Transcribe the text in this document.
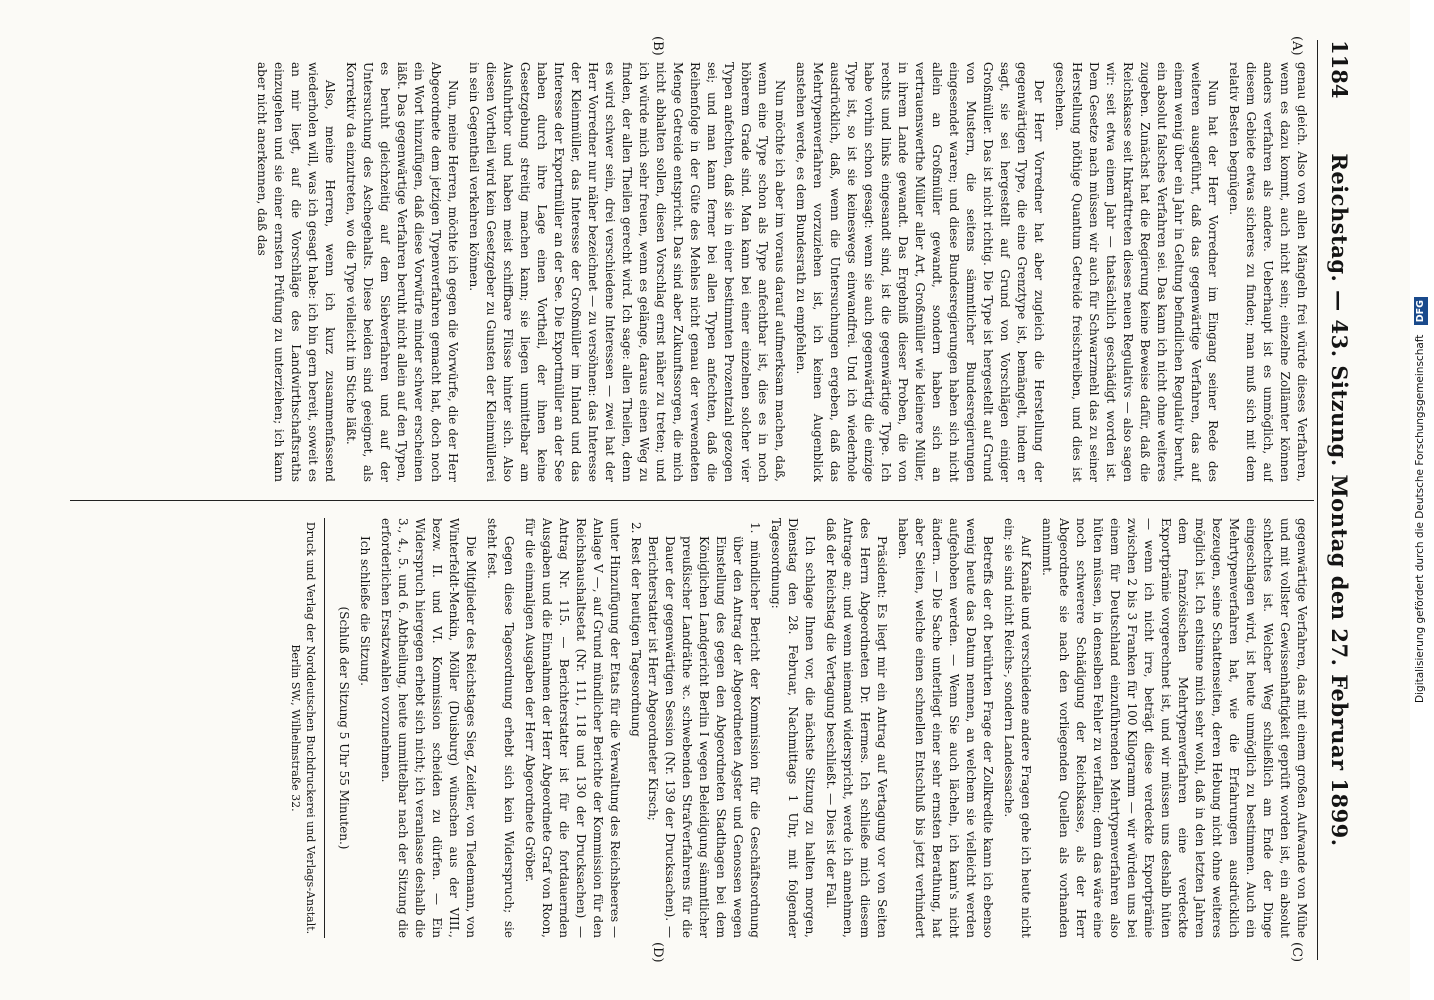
1184
Reichstag. — 43. Sitzung. Montag den 27. Februar 1899.
(A)
(B)
(C)
(D)

genau gleich. Also von allen Mängeln frei würde dieses Verfahren, wenn es dazu kommt, auch nicht sein; einzelne Zollämter können anders verfahren als andere. Ueberhaupt ist es unmöglich, auf diesem Gebiete etwas sicheres zu finden; man muß sich mit dem relativ Besten begnügen.

Nun hat der Herr Vorredner im Eingang seiner Rede des weiteren ausgeführt, daß das gegenwärtige Verfahren, das auf einem wenig über ein Jahr in Geltung befindlichen Regulativ beruht, ein absolut falsches Verfahren sei. Das kann ich nicht ohne weiteres zugeben. Zunächst hat die Regierung keine Beweise dafür, daß die Reichskasse seit Inkrafttreten dieses neuen Regulativs — also sagen wir: seit etwa einem Jahr — thatsächlich geschädigt worden ist. Dem Gesetze nach müssen wir auch für Schwarzmehl das zu seiner Herstellung nöthige Quantum Getreide freischreiben, und dies ist geschehen.

Der Herr Vorredner hat aber zugleich die Herstellung der gegenwärtigen Type, die eine Grenztype ist, bemängelt, indem er sagt, sie sei hergestellt auf Grund von Vorschlägen einiger Großmüller. Das ist nicht richtig. Die Type ist hergestellt auf Grund von Mustern, die seitens sämmtlicher Bundesregierungen eingesendet waren; und diese Bundesregierungen haben sich nicht allein an Großmüller gewandt, sondern haben sich an vertrauenswerthe Müller aller Art, Großmüller wie kleinere Müller, in ihrem Lande gewandt. Das Ergebniß dieser Proben, die von rechts und links eingesandt sind, ist die gegenwärtige Type. Ich habe vorhin schon gesagt: wenn sie auch gegenwärtig die einzige Type ist, so ist sie keineswegs einwandfrei. Und ich wiederhole ausdrücklich, daß, wenn die Untersuchungen ergeben, daß das Mehrtypenverfahren vorzuziehen ist, ich keinen Augenblick anstehen werde, es dem Bundesrath zu empfehlen.

Nun möchte ich aber im voraus darauf aufmerksam machen, daß, wenn eine Type schon als Type anfechtbar ist, dies es in noch höherem Grade sind. Man kann bei einer einzelnen solcher vier Typen anfechten, daß sie in einer bestimmten Prozentzahl gezogen sei; und man kann ferner bei allen Typen anfechten, daß die Reihenfolge in der Güte des Mehles nicht genau der verwendeten Menge Getreide entspricht. Das sind aber Zukunftssorgen, die mich nicht abhalten sollen, diesen Vorschlag ernst näher zu treten; und ich würde mich sehr freuen, wenn es gelänge, daraus einen Weg zu finden, der allen Theilen gerecht wird. Ich sage: allen Theilen, denn es wird schwer sein, drei verschiedene Interessen — zwei hat der Herr Vorredner nur näher bezeichnet — zu versöhnen: das Interesse der Kleinmüller, das Interesse der Großmüller im Inland und das Interesse der Exportmüller an der See. Die Exportmüller an der See haben durch ihre Lage einen Vortheil, der ihnen keine Gesetzgebung streitig machen kann; sie liegen unmittelbar am Ausfuhrthor und haben meist schiffbare Flüsse hinter sich. Also diesen Vortheil wird kein Gesetzgeber zu Gunsten der Kleinmüllerei in sein Gegentheil verkehren können.

Nun, meine Herren, möchte ich gegen die Vorwürfe, die der Herr Abgeordnete dem jetzigen Typenverfahren gemacht hat, doch noch ein Wort hinzufügen, daß diese Vorwürfe minder schwer erscheinen läßt. Das gegenwärtige Verfahren beruht nicht allein auf den Typen, es beruht gleichzeitig auf dem Siebverfahren und auf der Untersuchung des Aschegehalts. Diese beiden sind geeignet, als Korrektiv da einzutreten, wo die Type vielleicht im Stiche läßt.

Also, meine Herren, wenn ich kurz zusammenfassend wiederholen will, was ich gesagt habe: ich bin gern bereit, soweit es an mir liegt, auf die Vorschläge des Landwirthschaftsraths einzugehen und sie einer ernsten Prüfung zu unterziehen; ich kann aber nicht anerkennen, daß das

gegenwärtige Verfahren, das mit einem großen Aufwande von Mühe und mit vollster Gewissenhaftigkeit geprüft worden ist, ein absolut schlechtes ist. Welcher Weg schließlich am Ende der Dinge eingeschlagen wird, ist heute unmöglich zu bestimmen. Auch ein Mehrtypenverfahren hat, wie die Erfahrungen ausdrücklich bezeugen, seine Schattenseiten, deren Hebung nicht ohne weiteres möglich ist. Ich entsinne mich sehr wohl, daß in den letzten Jahren dem französischen Mehrtypenverfahren eine verdeckte Exportprämie vorgerechnet ist, und wir müssen uns deshalb hüten — wenn ich nicht irre, beträgt diese verdeckte Exportprämie zwischen 2 bis 3 Franken für 100 Kilogramm — wir würden uns bei einem für Deutschland einzuführenden Mehrtypenverfahren also hüten müssen, in denselben Fehler zu verfallen; denn das wäre eine noch schwerere Schädigung der Reichskasse, als der Herr Abgeordnete sie nach den vorliegenden Quellen als vorhanden annimmt.

Auf Kanäle und verschiedene andere Fragen gehe ich heute nicht ein; sie sind nicht Reichs-, sondern Landessache.

Betreffs der oft berührten Frage der Zollkredite kann ich ebenso wenig heute das Datum nennen, an welchem sie vielleicht werden aufgehoben werden. — Wenn Sie auch lächeln, ich kann's nicht ändern. — Die Sache unterliegt einer sehr ernsten Berathung, hat aber Seiten, welche einen schnellen Entschluß bis jetzt verhindert haben.

Präsident: Es liegt mir ein Antrag auf Vertagung vor von Seiten des Herrn Abgeordneten Dr. Hermes. Ich schließe mich diesem Antrage an; und wenn niemand widerspricht, werde ich annehmen, daß der Reichstag die Vertagung beschließt. — Dies ist der Fall.

Ich schlage Ihnen vor, die nächste Sitzung zu halten morgen, Dienstag den 28. Februar, Nachmittags 1 Uhr, mit folgender Tagesordnung:

1. mündlicher Bericht der Kommission für die Geschäftsordnung über den Antrag der Abgeordneten Agster und Genossen wegen Einstellung des gegen den Abgeordneten Stadthagen bei dem Königlichen Landgericht Berlin I wegen Beleidigung sämmtlicher preußischer Landräthe ꝛc. schwebenden Strafverfahrens für die Dauer der gegenwärtigen Session (Nr. 139 der Drucksachen). — Berichterstatter ist Herr Abgeordneter Kirsch;
2. Rest der heutigen Tagesordnung

unter Hinzufügung der Etats für die Verwaltung des Reichsheeres — Anlage V —, auf Grund mündlicher Berichte der Kommission für den Reichshaushaltsetat (Nr. 111, 118 und 130 der Drucksachen) — Antrag Nr. 115. — Berichterstatter ist für die fortdauernden Ausgaben und die Einnahmen der Herr Abgeordnete Graf von Roon, für die einmaligen Ausgaben der Herr Abgeordnete Gröber.

Gegen diese Tagesordnung erhebt sich kein Widerspruch; sie steht fest.

Die Mitglieder des Reichstages Sieg, Zeidler, von Tiedemann, von Winterfeldt-Menkin, Möller (Duisburg) wünschen aus der VIII., bezw. II. und VI. Kommission scheiden zu dürfen. — Ein Widerspruch hiergegen erhebt sich nicht; ich veranlasse deshalb die 3., 4., 5. und 6. Abtheilung, heute unmittelbar nach der Sitzung die erforderlichen Ersatzwahlen vorzunehmen.

Ich schließe die Sitzung.

(Schluß der Sitzung 5 Uhr 55 Minuten.)
Druck und Verlag der Norddeutschen Buchdruckerei und Verlags-Anstalt. Berlin SW., Wilhelmstraße 32.
Digitalisierung gefördert durch die Deutsche Forschungsgemeinschaft DFG
